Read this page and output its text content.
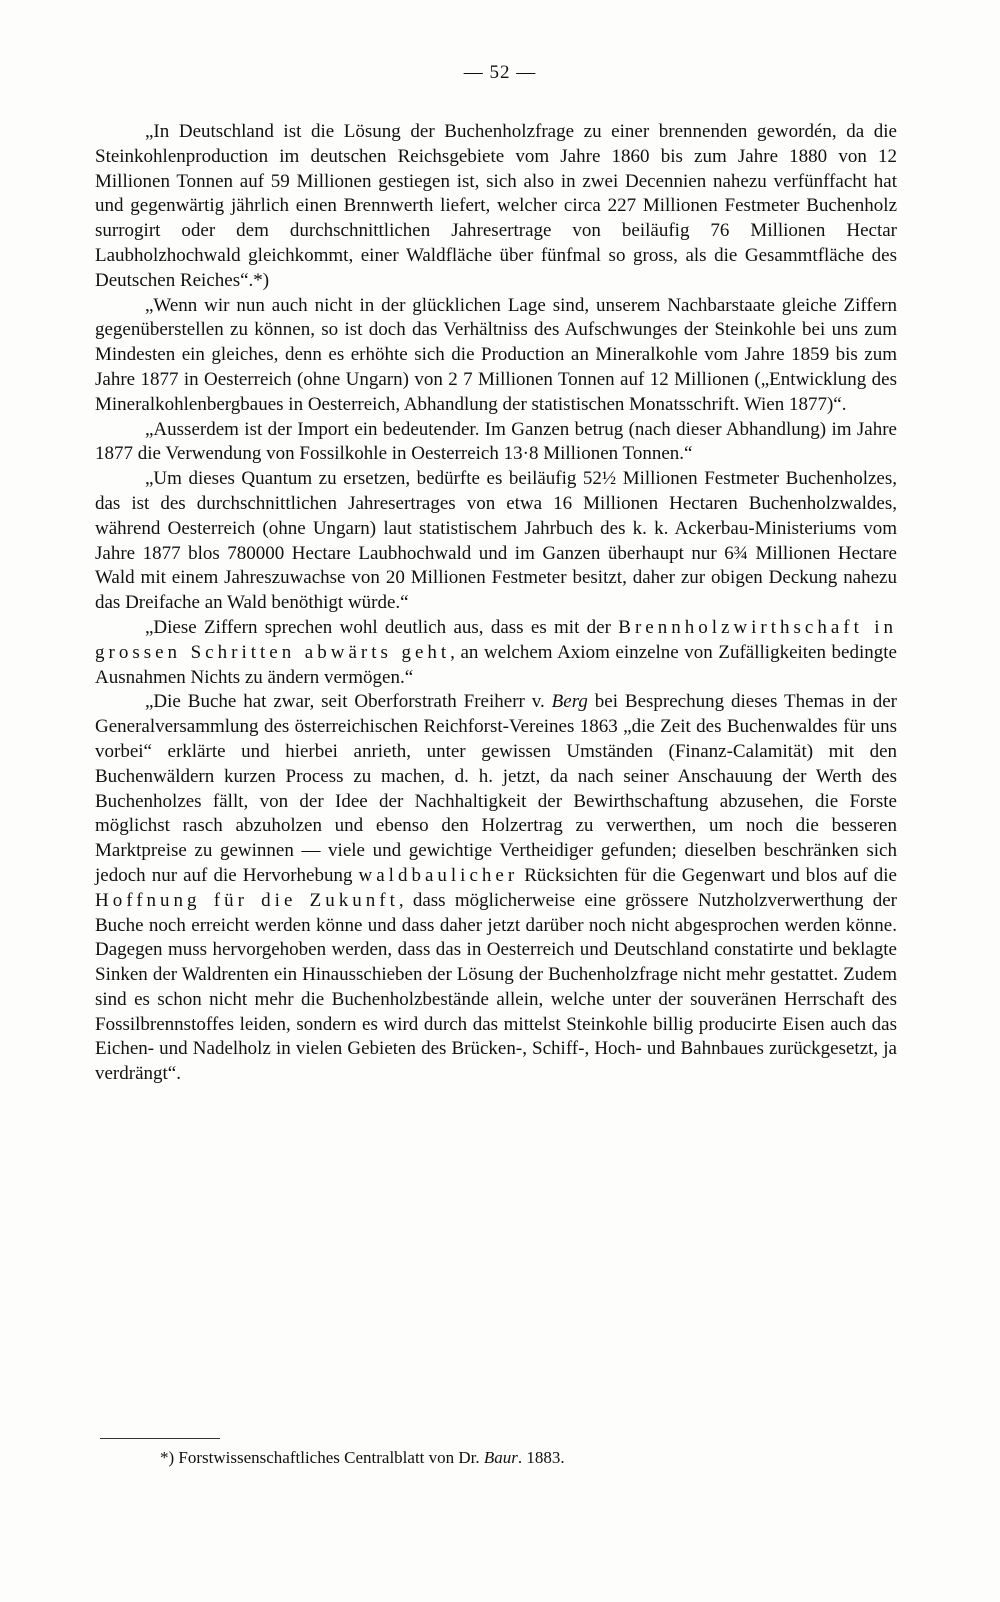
— 52 —

„In Deutschland ist die Lösung der Buchenholzfrage zu einer brennenden gewordén, da die Steinkohlenproduction im deutschen Reichsgebiete vom Jahre 1860 bis zum Jahre 1880 von 12 Millionen Tonnen auf 59 Millionen gestiegen ist, sich also in zwei Decennien nahezu verfünffacht hat und gegenwärtig jährlich einen Brennwerth liefert, welcher circa 227 Millionen Festmeter Buchenholz surrogirt oder dem durchschnittlichen Jahresertrage von beiläufig 76 Millionen Hectar Laubholzhochwald gleichkommt, einer Waldfläche über fünfmal so gross, als die Gesammtfläche des Deutschen Reiches“.*)

„Wenn wir nun auch nicht in der glücklichen Lage sind, unserem Nachbarstaate gleiche Ziffern gegenüberstellen zu können, so ist doch das Verhältniss des Aufschwunges der Steinkohle bei uns zum Mindesten ein gleiches, denn es erhöhte sich die Production an Mineralkohle vom Jahre 1859 bis zum Jahre 1877 in Oesterreich (ohne Ungarn) von 2 7 Millionen Tonnen auf 12 Millionen („Entwicklung des Mineralkohlenbergbaues in Oesterreich, Abhandlung der statistischen Monatsschrift. Wien 1877)“.

„Ausserdem ist der Import ein bedeutender. Im Ganzen betrug (nach dieser Abhandlung) im Jahre 1877 die Verwendung von Fossilkohle in Oesterreich 13·8 Millionen Tonnen.“

„Um dieses Quantum zu ersetzen, bedürfte es beiläufig 52½ Millionen Festmeter Buchenholzes, das ist des durchschnittlichen Jahresertrages von etwa 16 Millionen Hectaren Buchenholzwaldes, während Oesterreich (ohne Ungarn) laut statistischem Jahrbuch des k. k. Ackerbau-Ministeriums vom Jahre 1877 blos 780000 Hectare Laubhochwald und im Ganzen überhaupt nur 6¾ Millionen Hectare Wald mit einem Jahreszuwachse von 20 Millionen Festmeter besitzt, daher zur obigen Deckung nahezu das Dreifache an Wald benöthigt würde.“

„Diese Ziffern sprechen wohl deutlich aus, dass es mit der Brennholzwirthschaft in grossen Schritten abwärts geht, an welchem Axiom einzelne von Zufälligkeiten bedingte Ausnahmen Nichts zu ändern vermögen.“

„Die Buche hat zwar, seit Oberforstrath Freiherr v. Berg bei Besprechung dieses Themas in der Generalversammlung des österreichischen Reichforst-Vereines 1863 „die Zeit des Buchenwaldes für uns vorbei“ erklärte und hierbei anrieth, unter gewissen Umständen (Finanz-Calamität) mit den Buchenwäldern kurzen Process zu machen, d. h. jetzt, da nach seiner Anschauung der Werth des Buchenholzes fällt, von der Idee der Nachhaltigkeit der Bewirthschaftung abzusehen, die Forste möglichst rasch abzuholzen und ebenso den Holzertrag zu verwerthen, um noch die besseren Marktpreise zu gewinnen — viele und gewichtige Vertheidiger gefunden; dieselben beschränken sich jedoch nur auf die Hervorhebung waldbaulicher Rücksichten für die Gegenwart und blos auf die Hoffnung für die Zukunft, dass möglicherweise eine grössere Nutzholzverwerthung der Buche noch erreicht werden könne und dass daher jetzt darüber noch nicht abgesprochen werden könne. Dagegen muss hervorgehoben werden, dass das in Oesterreich und Deutschland constatirte und beklagte Sinken der Waldrenten ein Hinausschieben der Lösung der Buchenholzfrage nicht mehr gestattet. Zudem sind es schon nicht mehr die Buchenholzbestände allein, welche unter der souveränen Herrschaft des Fossilbrennstoffes leiden, sondern es wird durch das mittelst Steinkohle billig producirte Eisen auch das Eichen- und Nadelholz in vielen Gebieten des Brücken-, Schiff-, Hoch- und Bahnbaues zurückgesetzt, ja verdrängt“.

*) Forstwissenschaftliches Centralblatt von Dr. Baur. 1883.
